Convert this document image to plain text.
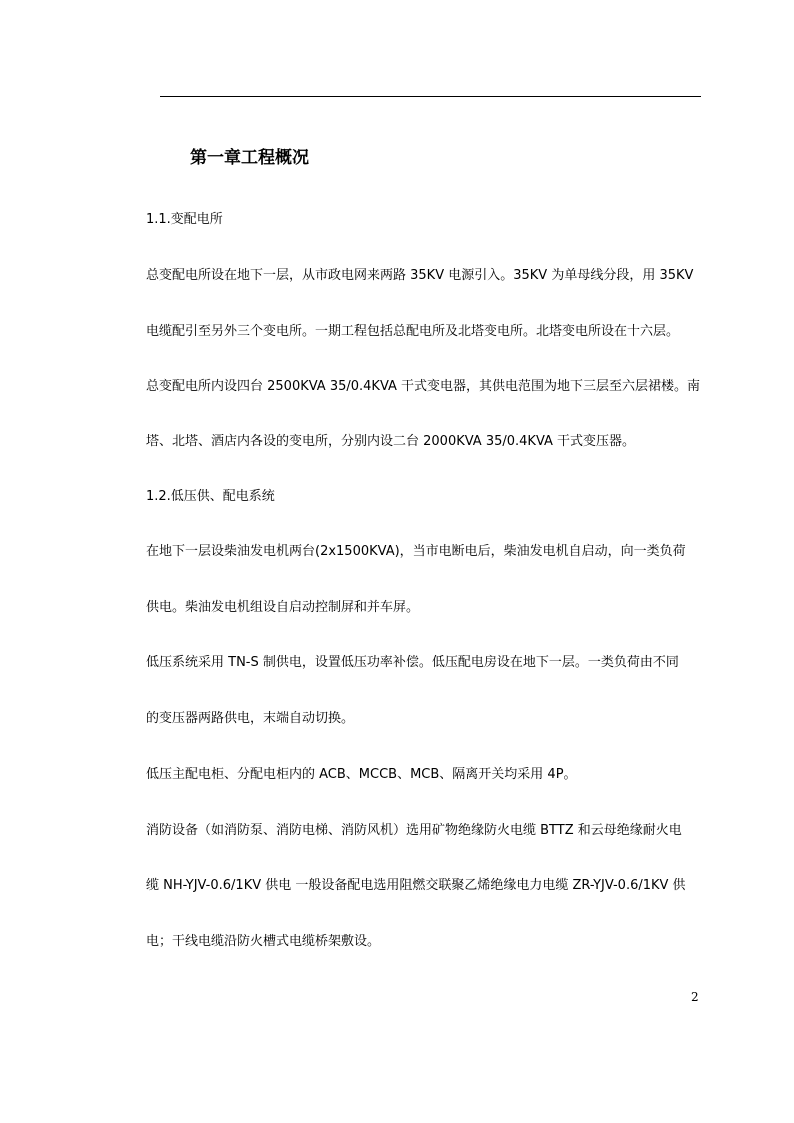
第一章工程概况
1.1.变配电所
总变配电所设在地下一层，从市政电网来两路 35KV 电源引入。35KV 为单母线分段，用 35KV
电缆配引至另外三个变电所。一期工程包括总配电所及北塔变电所。北塔变电所设在十六层。
总变配电所内设四台 2500KVA 35/0.4KVA 干式变电器，其供电范围为地下三层至六层裙楼。南
塔、北塔、酒店内各设的变电所，分别内设二台 2000KVA 35/0.4KVA 干式变压器。
1.2.低压供、配电系统
在地下一层设柴油发电机两台(2x1500KVA)，当市电断电后，柴油发电机自启动，向一类负荷
供电。柴油发电机组设自启动控制屏和并车屏。
低压系统采用 TN-S 制供电，设置低压功率补偿。低压配电房设在地下一层。一类负荷由不同
的变压器两路供电，末端自动切换。
低压主配电柜、分配电柜内的 ACB、MCCB、MCB、隔离开关均采用 4P。
消防设备（如消防泵、消防电梯、消防风机）选用矿物绝缘防火电缆 BTTZ 和云母绝缘耐火电
缆 NH-YJV-0.6/1KV 供电 一般设备配电选用阻燃交联聚乙烯绝缘电力电缆 ZR-YJV-0.6/1KV 供
电；干线电缆沿防火槽式电缆桥架敷设。
2
